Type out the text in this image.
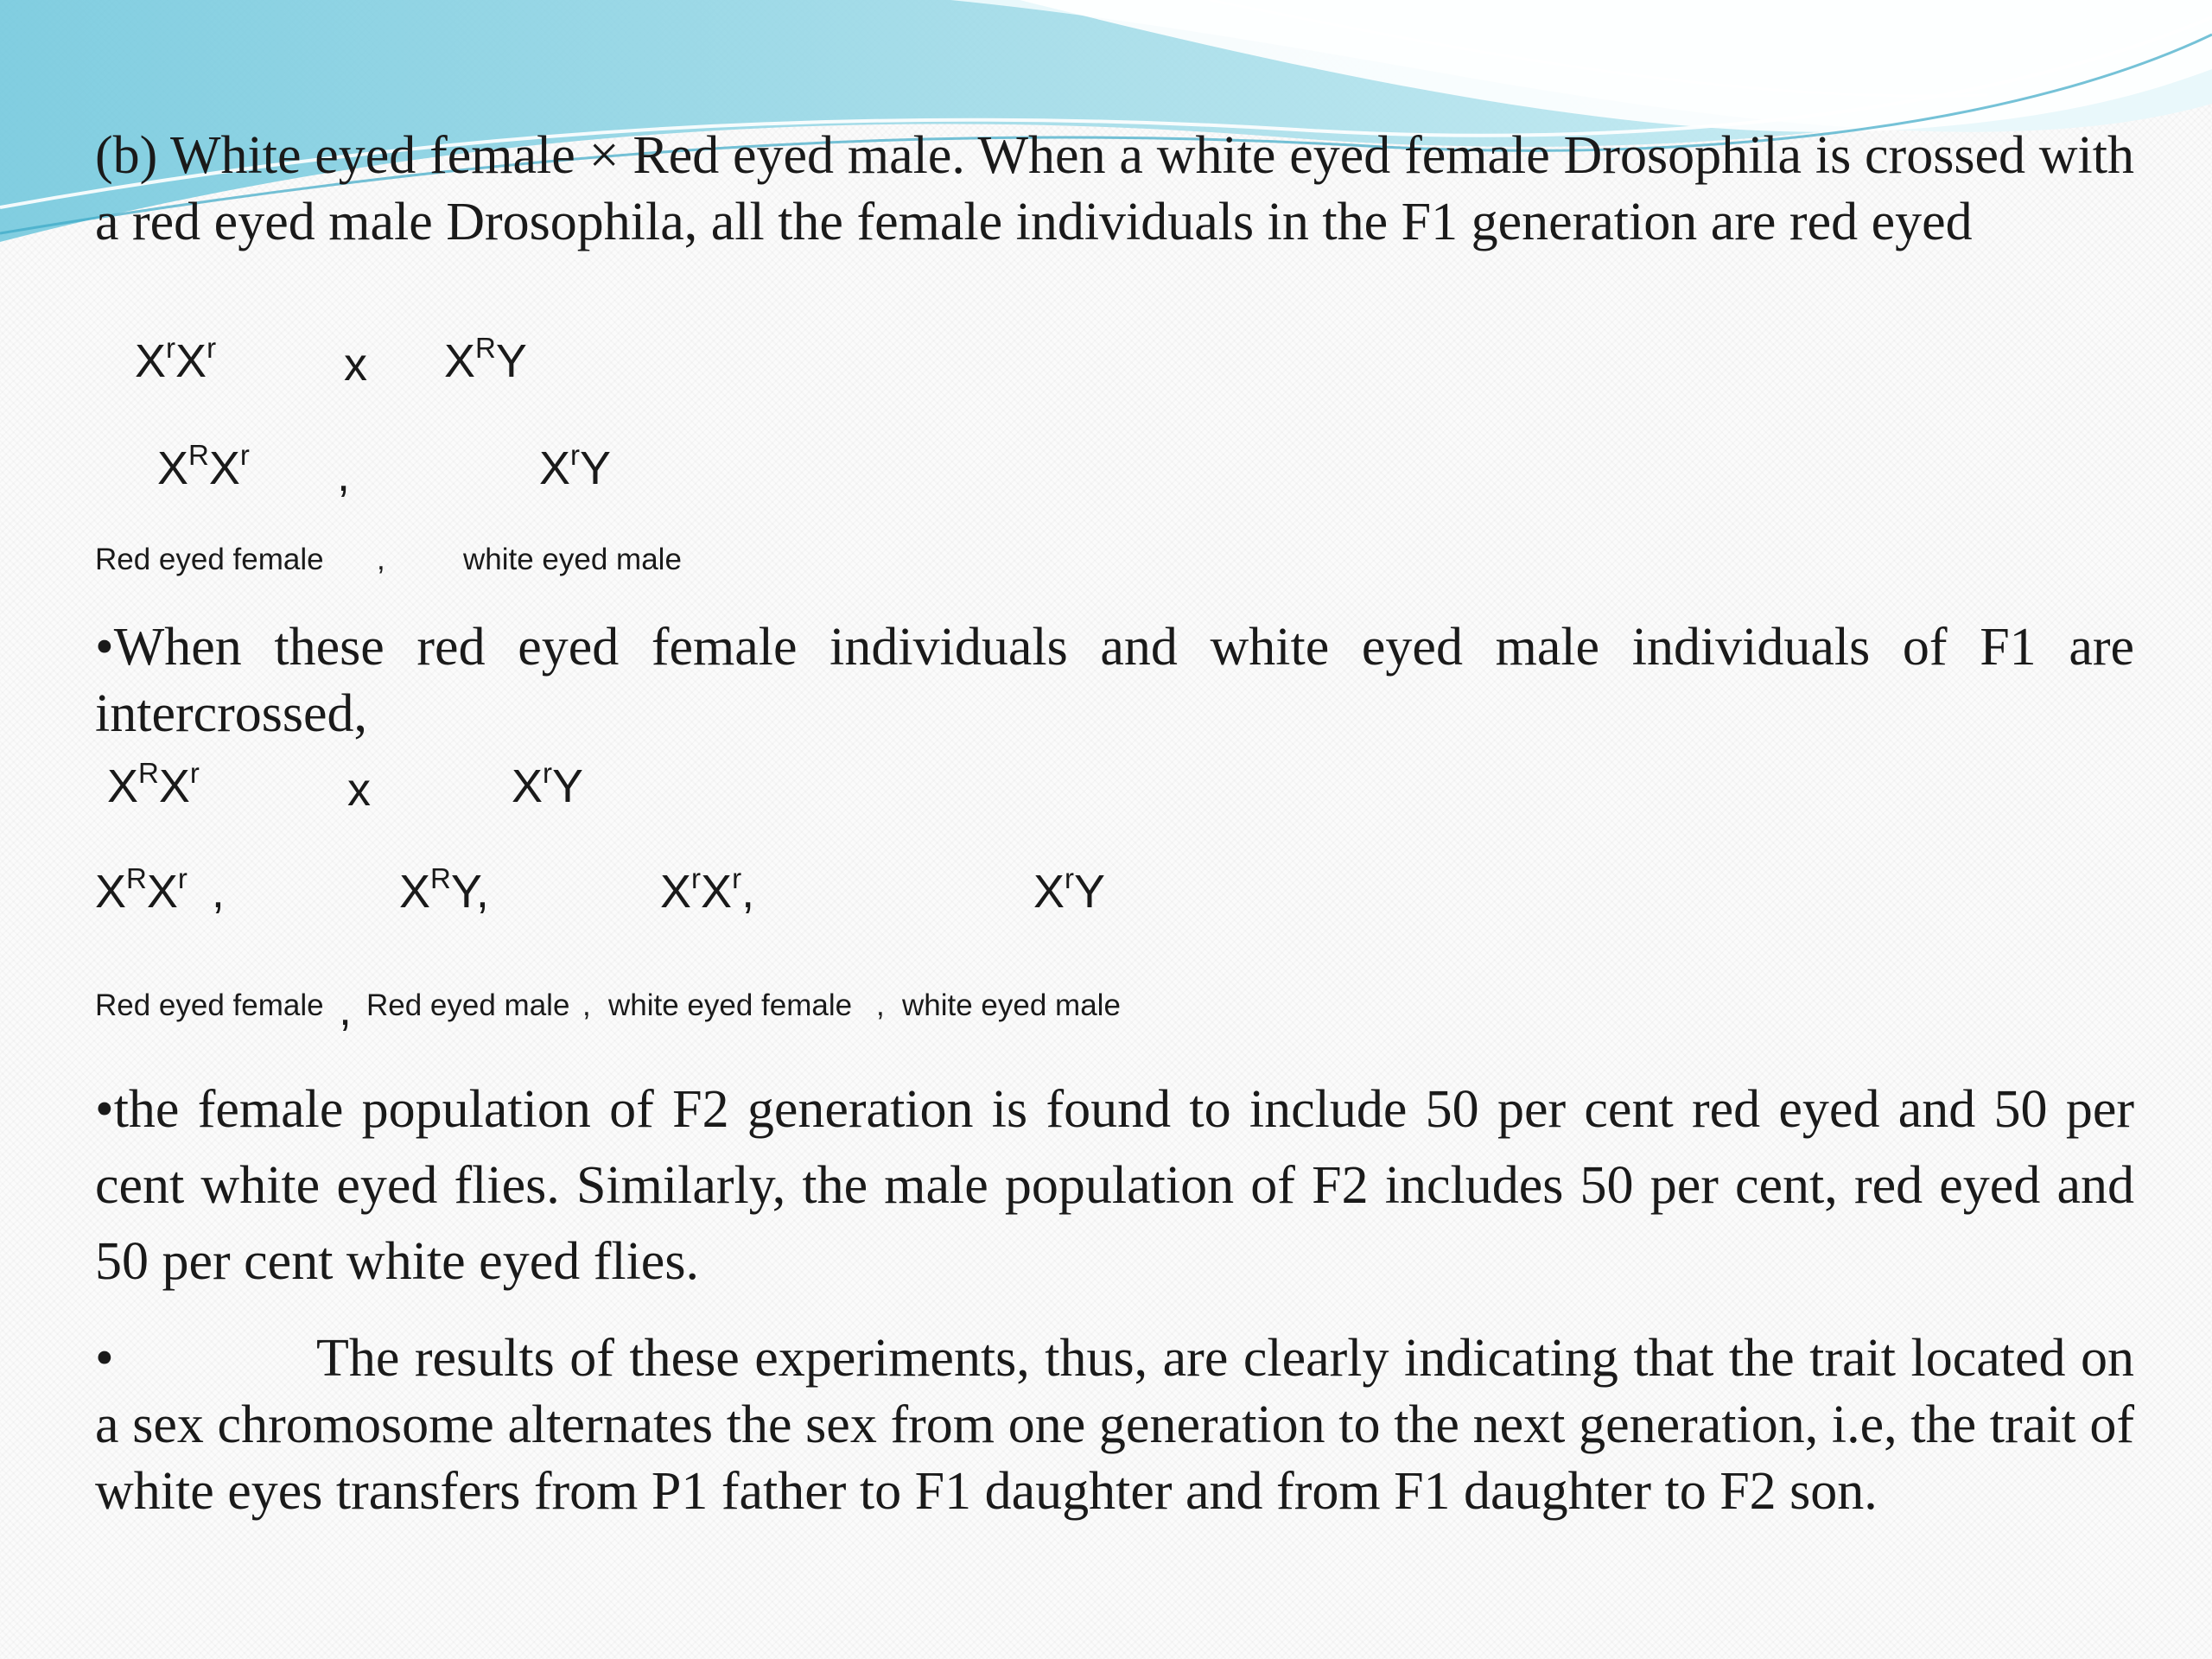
(b) White eyed female × Red eyed male. When a white eyed female Drosophila is crossed with a red eyed male Drosophila, all the female individuals in the F1 generation are red eyed

$X^rX^r$	x $X^RY$
$X^RX^r$ ,	$X^rY$
Red eyed female ,	white eyed male

•When these red eyed female individuals and white eyed male individuals of F1 are intercrossed,

$X^RX^r$	x	$X^rY$
$X^RX^r$ ,	$X^RY$,	$X^rX^r$,	$X^rY$
Red eyed female , Red eyed male , white eyed female , white eyed male

•the female population of F2 generation is found to include 50 per cent red eyed and 50 per cent white eyed flies. Similarly, the male population of F2 includes 50 per cent, red eyed and 50 per cent white eyed flies.

•	The results of these experiments, thus, are clearly indicating that the trait located on a sex chromosome alternates the sex from one generation to the next generation, i.e, the trait of white eyes transfers from P1 father to F1 daughter and from F1 daughter to F2 son.
